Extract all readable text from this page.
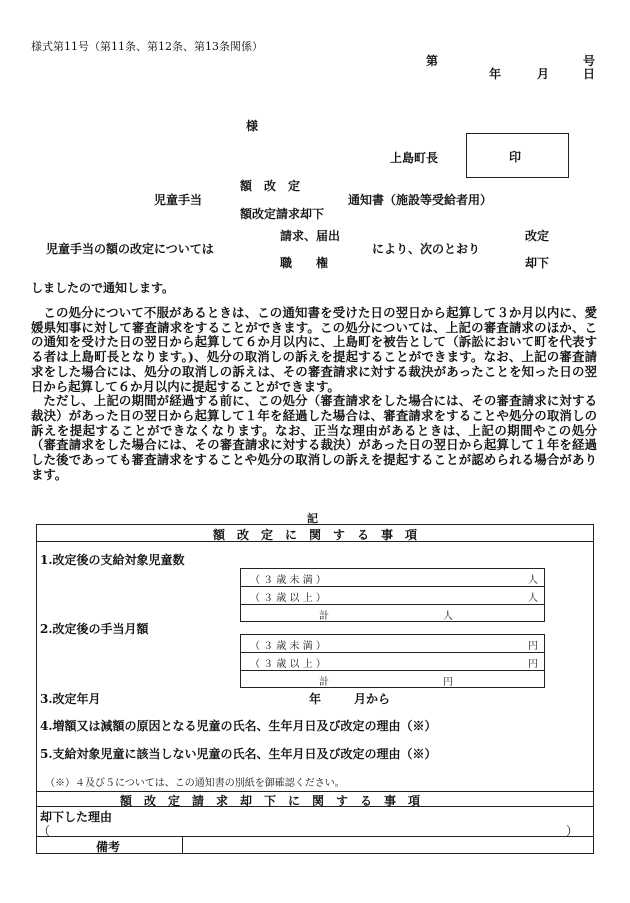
様式第11号（第11条、第12条、第13条関係）
第	号
年	月	日
様
上島町長	印
額　改　定
児童手当	通知書（施設等受給者用）
額改定請求却下
請求、届出	改定
児童手当の額の改定については	により、次のとおり
職　　権	却下
しましたので通知します。

この処分について不服があるときは、この通知書を受けた日の翌日から起算して３か月以内に、愛媛県知事に対して審査請求をすることができます。この処分については、上記の審査請求のほか、この通知を受けた日の翌日から起算して６か月以内に、上島町を被告として（訴訟において町を代表する者は上島町長となります。)、処分の取消しの訴えを提起することができます。なお、上記の審査請求をした場合には、処分の取消しの訴えは、その審査請求に対する裁決があったことを知った日の翌日から起算して６か月以内に提起することができます。

ただし、上記の期間が経過する前に、この処分（審査請求をした場合には、その審査請求に対する裁決）があった日の翌日から起算して１年を経過した場合は、審査請求をすることや処分の取消しの訴えを提起することができなくなります。なお、正当な理由があるときは、上記の期間やこの処分（審査請求をした場合には、その審査請求に対する裁決）があった日の翌日から起算して１年を経過した後であっても審査請求をすることや処分の取消しの訴えを提起することが認められる場合があります。

記
額　改　定　に　関　す　る　事　項
1.改定後の支給対象児童数
（ ３ 歳 未 満 ）	人
（ ３ 歳 以 上 ）	人
計	人
2.改定後の手当月額
（ ３ 歳 未 満 ）	円
（ ３ 歳 以 上 ）	円
計	円
3.改定年月	年	月から
4.増額又は減額の原因となる児童の氏名、生年月日及び改定の理由（※）
5.支給対象児童に該当しない児童の氏名、生年月日及び改定の理由（※）
（※）４及び５については、この通知書の別紙を御確認ください。
額　改　定　請　求　却　下　に　関　す　る　事　項
却下した理由
（	）
備考
